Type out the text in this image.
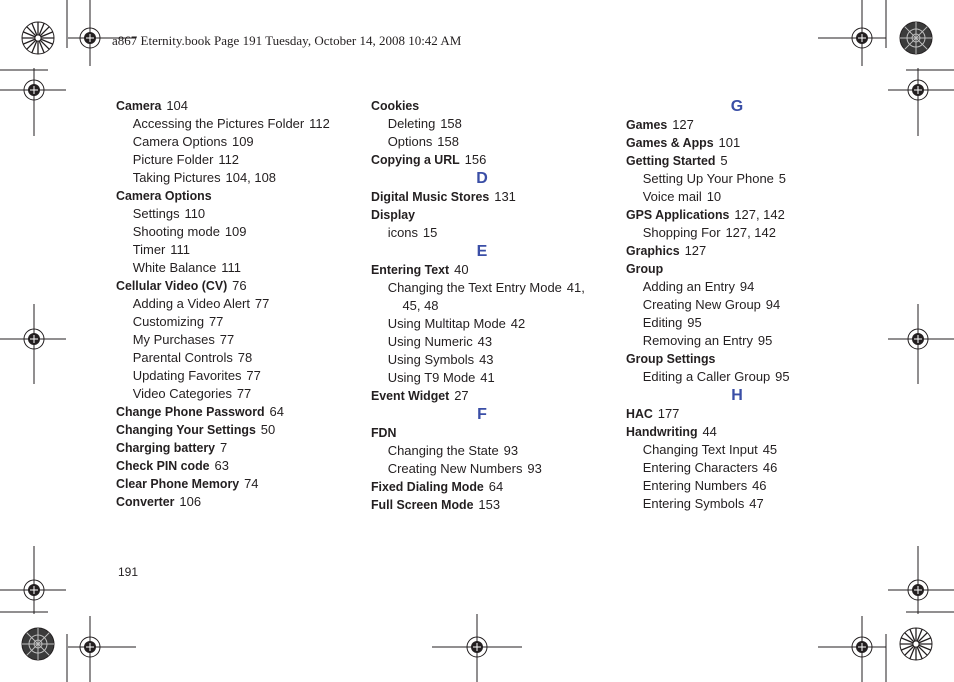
a867 Eternity.book Page 191 Tuesday, October 14, 2008 10:42 AM
Camera 104
Accessing the Pictures Folder 112
Camera Options 109
Picture Folder 112
Taking Pictures 104, 108
Camera Options
Settings 110
Shooting mode 109
Timer 111
White Balance 111
Cellular Video (CV) 76
Adding a Video Alert 77
Customizing 77
My Purchases 77
Parental Controls 78
Updating Favorites 77
Video Categories 77
Change Phone Password 64
Changing Your Settings 50
Charging battery 7
Check PIN code 63
Clear Phone Memory 74
Converter 106
Cookies
Deleting 158
Options 158
Copying a URL 156
D
Digital Music Stores 131
Display
icons 15
E
Entering Text 40
Changing the Text Entry Mode 41,
45, 48
Using Multitap Mode 42
Using Numeric 43
Using Symbols 43
Using T9 Mode 41
Event Widget 27
F
FDN
Changing the State 93
Creating New Numbers 93
Fixed Dialing Mode 64
Full Screen Mode 153
G
Games 127
Games & Apps 101
Getting Started 5
Setting Up Your Phone 5
Voice mail 10
GPS Applications 127, 142
Shopping For 127, 142
Graphics 127
Group
Adding an Entry 94
Creating New Group 94
Editing 95
Removing an Entry 95
Group Settings
Editing a Caller Group 95
H
HAC 177
Handwriting 44
Changing Text Input 45
Entering Characters 46
Entering Numbers 46
Entering Symbols 47
191
